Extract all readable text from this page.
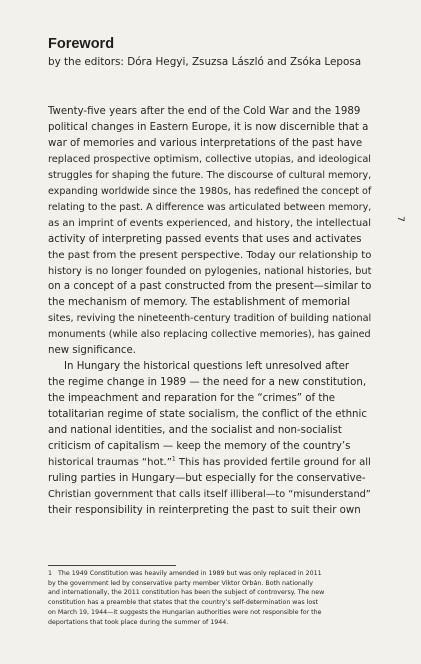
Foreword

by the editors: Dóra Hegyi, Zsuzsa László and Zsóka Leposa

7
Twenty-five years after the end of the Cold War and the 1989
political changes in Eastern Europe, it is now discernible that a
war of memories and various interpretations of the past have
replaced prospective optimism, collective utopias, and ideological
struggles for shaping the future. The discourse of cultural memory,
expanding worldwide since the 1980s, has redefined the concept of
relating to the past. A difference was articulated between memory,
as an imprint of events experienced, and history, the intellectual
activity of interpreting passed events that uses and activates
the past from the present perspective. Today our relationship to
history is no longer founded on pylogenies, national histories, but
on a concept of a past constructed from the present—similar to
the mechanism of memory. The establishment of memorial
sites, reviving the nineteenth-century tradition of building national
monuments (while also replacing collective memories), has gained
new significance.
In Hungary the historical questions left unresolved after
the regime change in 1989 — the need for a new constitution,
the impeachment and reparation for the “crimes” of the
totalitarian regime of state socialism, the conflict of the ethnic
and national identities, and the socialist and non-socialist
criticism of capitalism — keep the memory of the country’s
historical traumas “hot.”$^1$ This has provided fertile ground for all
ruling parties in Hungary—but especially for the conservative-
Christian government that calls itself illiberal—to “misunderstand”
their responsibility in reinterpreting the past to suit their own
1 The 1949 Constitution was heavily amended in 1989 but was only replaced in 2011
by the government led by conservative party member Viktor Orbán. Both nationally
and internationally, the 2011 constitution has been the subject of controversy. The new
constitution has a preamble that states that the country’s self-determination was lost
on March 19, 1944—it suggests the Hungarian authorities were not responsible for the
deportations that took place during the summer of 1944.
